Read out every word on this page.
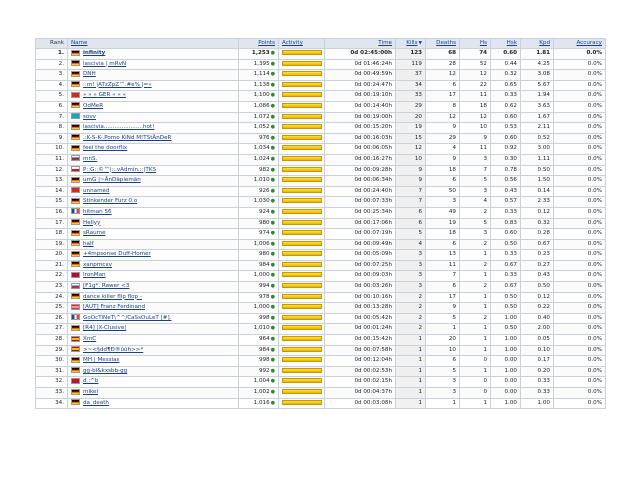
Rank	Name	Points	Activity	Time	Kills▼	Deaths	Hs	Hsk	Kpd	Accuracy
1.	infinity	1,253●		0d 02:45:00h	123	68	74	0.60	1.81	0.0%
2.	lascivia | mRvN	1,395●		0d 01:46:24h	119	28	52	0.44	4.25	0.0%
3.	DNH	1,114●		0d 00:49:59h	37	12	12	0.32	3.08	0.0%
4.	::m! |ATzZpZ™.#e% |=«	1,138●		0d 00:24:47h	34	6	22	0.65	5.67	0.0%
5.	» » » GER « « «	1,100●		0d 00:19:10h	33	17	11	0.33	1.94	0.0%
6.	OdMeR	1,086●		0d 00:14:40h	29	8	18	0.62	3.63	0.0%
7.	sovv	1,072●		0d 00:19:00h	20	12	12	0.60	1.67	0.0%
8.	lascivia......................hot!	1,052●		0d 00:15:20h	19	9	10	0.53	2.11	0.0%
9.	.:K-S-K-.Pomo KiNd M!TStÄnDeR	976●		0d 00:16:03h	15	29	9	0.60	0.52	0.0%
10.	feel the doorflix	1,034●		0d 00:06:05h	12	4	11	0.92	3.00	0.0%
11.	mnS.	1,024●		0d 00:16:27h	10	9	3	0.30	1.11	0.0%
12.	P::G::©™|::.vAdmin.::|TKS	982●		0d 00:09:28h	9	18	7	0.78	0.50	0.0%
13.	umG |~ÂnDäpiemän	1,010●		0d 00:06:34h	9	6	5	0.56	1.50	0.0%
14.	unnamed	926●		0d 00:24:40h	7	50	3	0.43	0.14	0.0%
15.	Stinkender Furz 0.o	1,030●		0d 00:07:33h	7	3	4	0.57	2.33	0.0%
16.	hitman 56	924●		0d 00:25:34h	6	49	2	0.33	0.12	0.0%
17.	Hellyy	980●		0d 00:17:06h	6	19	5	0.83	0.32	0.0%
18.	sRaume	974●		0d 00:07:19h	5	18	3	0.60	0.28	0.0%
19.	half	1,006●		0d 00:09:49h	4	6	2	0.50	0.67	0.0%
20.	+4mpsonse Duff-Homer	980●		0d 00:05:09h	3	13	1	0.33	0.23	0.0%
21.	xanpmcxv	984●		0d 00:07:25h	3	11	2	0.67	0.27	0.0%
22.	IronMan	1,000●		0d 00:09:03h	3	7	1	0.33	0.43	0.0%
23.	[F1g*. Rawer <3	994●		0d 00:03:26h	3	6	2	0.67	0.50	0.0%
24.	dance killer flip flop -	978●		0d 00:10:16h	2	17	1	0.50	0.12	0.0%
25.	[AUT] Franz Ferdinand	1,000●		0d 00:13:28h	2	9	1	0.50	0.22	0.0%
26.	GoOcTiNeT\^^/CaSsOuLeT [#].	998●		0d 00:05:42h	2	5	2	1.00	0.40	0.0%
27.	[R4] |X-Clusive|	1,010●		0d 00:01:24h	2	1	1	0.50	2.00	0.0%
28.	XmC	964●		0d 00:15:42h	1	20	1	1.00	0.05	0.0%
29.	>~<§dd¶Ð®ûüh>>*	984●		0d 00:07:58h	1	10	1	1.00	0.10	0.0%
30.	MH | Messias	998●		0d 00:12:04h	1	6	0	0.00	0.17	0.0%
31.	gg-bl&kxsbb-gg	992●		0d 00:02:53h	1	5	1	1.00	0.20	0.0%
32.	d.:^b	1,004●		0d 00:02:15h	1	3	0	0.00	0.33	0.0%
33.	mikel	1,002●		0d 00:04:37h	1	3	0	0.00	0.33	0.0%
34.	da_death	1,016●		0d 00:03:08h	1	1	1	1.00	1.00	0.0%
